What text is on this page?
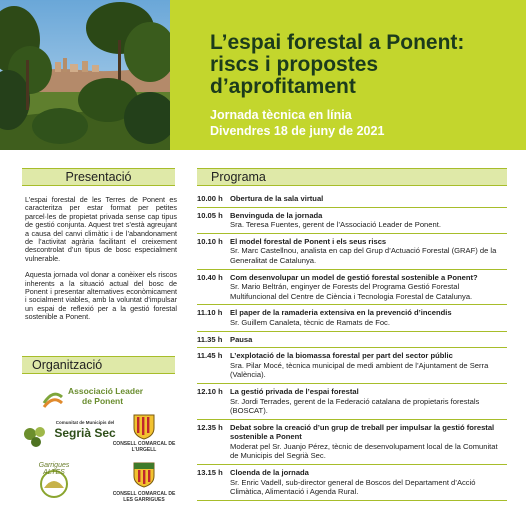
L’espai forestal a Ponent:
riscs i propostes
d’aprofitament
Jornada tècnica en línia
Divendres 18 de juny de 2021
Presentació

L’espai forestal de les Terres de Ponent es caracteritza per estar format per petites parcel·les de propietat privada sense cap tipus de gestió conjunta. Aquest tret s’està agreujant a causa del canvi climàtic i de l’abandonament de l’activitat agrària facilitant el creixement descontrolat d’un tipus de bosc especialment vulnerable.

Aquesta jornada vol donar a conèixer els riscos inherents a la situació actual del bosc de Ponent i presentar alternatives econòmicament i socialment viables, amb la voluntat d’impulsar un espai de reflexió per a la gestió forestal sostenible a Ponent.

Organització
Associació Leader
de Ponent
Comunitat de Municipis del
Segrià Sec
CONSELL COMARCAL DE L’URGELL
Garrigues ALTES
CONSELL COMARCAL DE LES GARRIGUES
Programa
10.00 h Obertura de la sala virtual
10.05 h Benvinguda de la jornada
Sra. Teresa Fuentes, gerent de l’Associació Leader de Ponent.
10.10 h El model forestal de Ponent i els seus riscs
Sr. Marc Castellnou, analista en cap del Grup d’Actuació Forestal (GRAF) de la Generalitat de Catalunya.
10.40 h Com desenvolupar un model de gestió forestal sostenible a Ponent?
Sr. Mario Beltrán, enginyer de Forests del Programa Gestió Forestal Multifuncional del Centre de Ciència i Tecnologia Forestal de Catalunya.
11.10 h	El paper de la ramaderia extensiva en la prevenció d’incendis
Sr. Guillem Canaleta, tècnic de Ramats de Foc.
11.35 h	Pausa
11.45 h	L’explotació de la biomassa forestal per part del sector públic
Sra. Pilar Mocé, tècnica municipal de medi ambient de l’Ajuntament de Serra (València).
12.10 h La gestió privada de l’espai forestal
Sr. Jordi Terrades, gerent de la Federació catalana de propietaris forestals (BOSCAT).
12.35 h Debat sobre la creació d’un grup de treball per impulsar la gestió forestal sostenible a Ponent
Moderat pel Sr. Juanjo Pérez, tècnic de desenvolupament local de la Comunitat de Municipis del Segrià Sec.
13.15 h Cloenda de la jornada
Sr. Enric Vadell, sub-director general de Boscos del Departament d’Acció Climàtica, Alimentació i Agenda Rural.
